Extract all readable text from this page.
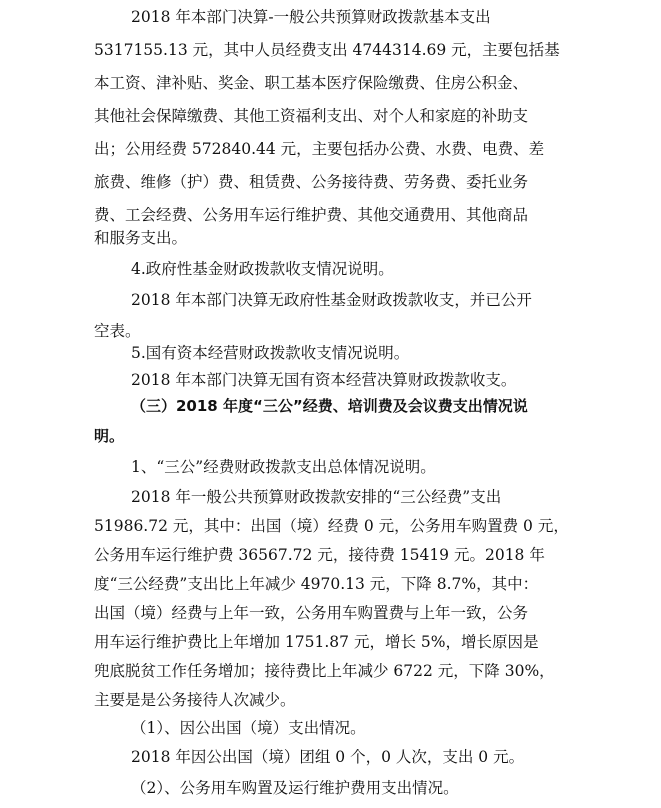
2018 年本部门决算-一般公共预算财政拨款基本支出
5317155.13 元，其中人员经费支出 4744314.69 元，主要包括基
本工资、津补贴、奖金、职工基本医疗保险缴费、住房公积金、
其他社会保障缴费、其他工资福利支出、对个人和家庭的补助支
出；公用经费 572840.44 元，主要包括办公费、水费、电费、差
旅费、维修（护）费、租赁费、公务接待费、劳务费、委托业务
费、工会经费、公务用车运行维护费、其他交通费用、其他商品
和服务支出。
4.政府性基金财政拨款收支情况说明。
2018 年本部门决算无政府性基金财政拨款收支，并已公开
空表。
5.国有资本经营财政拨款收支情况说明。
2018 年本部门决算无国有资本经营决算财政拨款收支。
（三）2018 年度“三公”经费、培训费及会议费支出情况说
明。
1、“三公”经费财政拨款支出总体情况说明。
2018 年一般公共预算财政拨款安排的“三公经费”支出
51986.72 元，其中：出国（境）经费 0 元，公务用车购置费 0 元，
公务用车运行维护费 36567.72 元，接待费 15419 元。2018 年
度“三公经费”支出比上年减少 4970.13 元，下降 8.7%，其中：
出国（境）经费与上年一致，公务用车购置费与上年一致，公务
用车运行维护费比上年增加 1751.87 元，增长 5%，增长原因是
兜底脱贫工作任务增加；接待费比上年减少 6722 元，下降 30%，
主要是是公务接待人次减少。
（1）、因公出国（境）支出情况。
2018 年因公出国（境）团组 0 个，0 人次，支出 0 元。
（2）、公务用车购置及运行维护费用支出情况。
